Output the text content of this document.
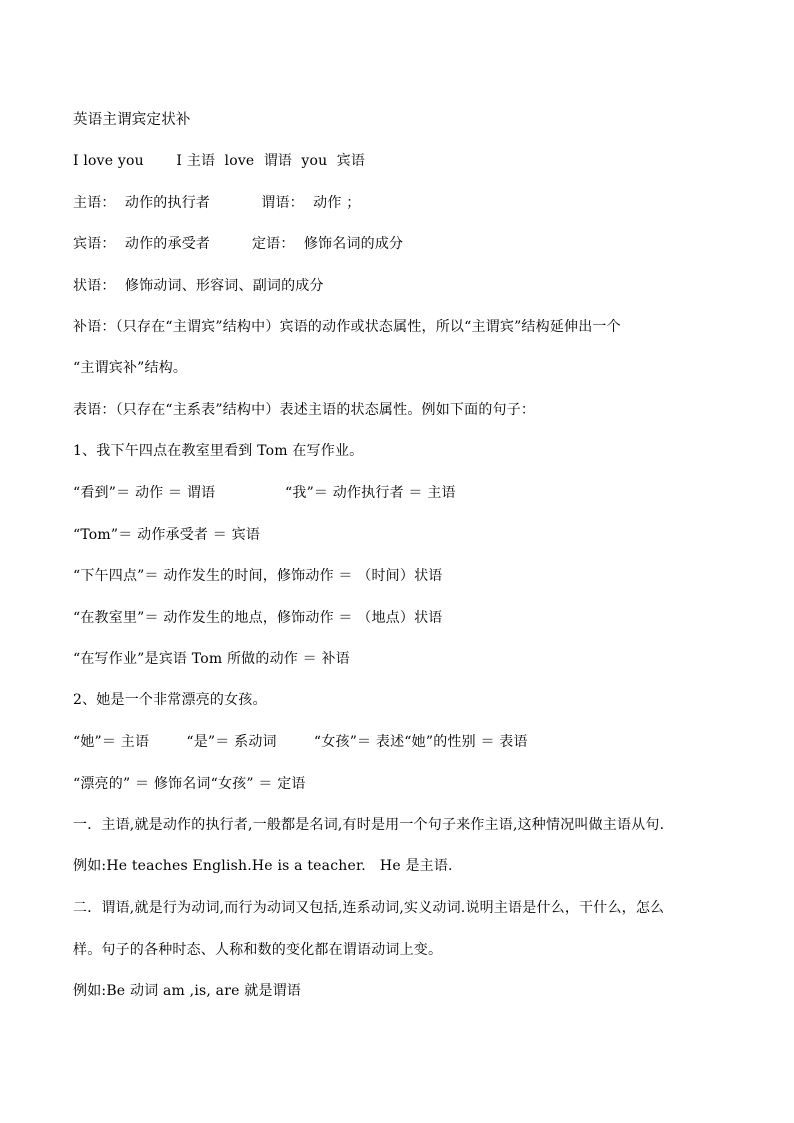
英语主谓宾定状补
I love you       I 主语  love  谓语  you  宾语
主语：  动作的执行者           谓语：  动作 ；
宾语：  动作的承受者         定语：  修饰名词的成分
状语：  修饰动词、形容词、副词的成分
补语：（只存在“主谓宾”结构中）宾语的动作或状态属性，所以“主谓宾”结构延伸出一个
“主谓宾补”结构。
表语：（只存在“主系表”结构中）表述主语的状态属性。例如下面的句子：
1、我下午四点在教室里看到 Tom 在写作业。
“看到”＝ 动作 ＝ 谓语               “我”＝ 动作执行者 ＝ 主语
“Tom”＝ 动作承受者 ＝ 宾语
“下午四点”＝ 动作发生的时间，修饰动作 ＝ （时间）状语
“在教室里”＝ 动作发生的地点，修饰动作 ＝ （地点）状语
“在写作业”是宾语 Tom 所做的动作 ＝ 补语
2、她是一个非常漂亮的女孩。
“她”＝ 主语        “是”＝ 系动词        “女孩”＝ 表述“她”的性别 ＝ 表语
“漂亮的” ＝ 修饰名词“女孩” ＝ 定语
一．主语,就是动作的执行者,一般都是名词,有时是用一个句子来作主语,这种情况叫做主语从句.
例如:He teaches English.He is a teacher.   He 是主语.
二．谓语,就是行为动词,而行为动词又包括,连系动词,实义动词.说明主语是什么，干什么，怎么
样。句子的各种时态、人称和数的变化都在谓语动词上变。
例如:Be 动词 am ,is, are 就是谓语
